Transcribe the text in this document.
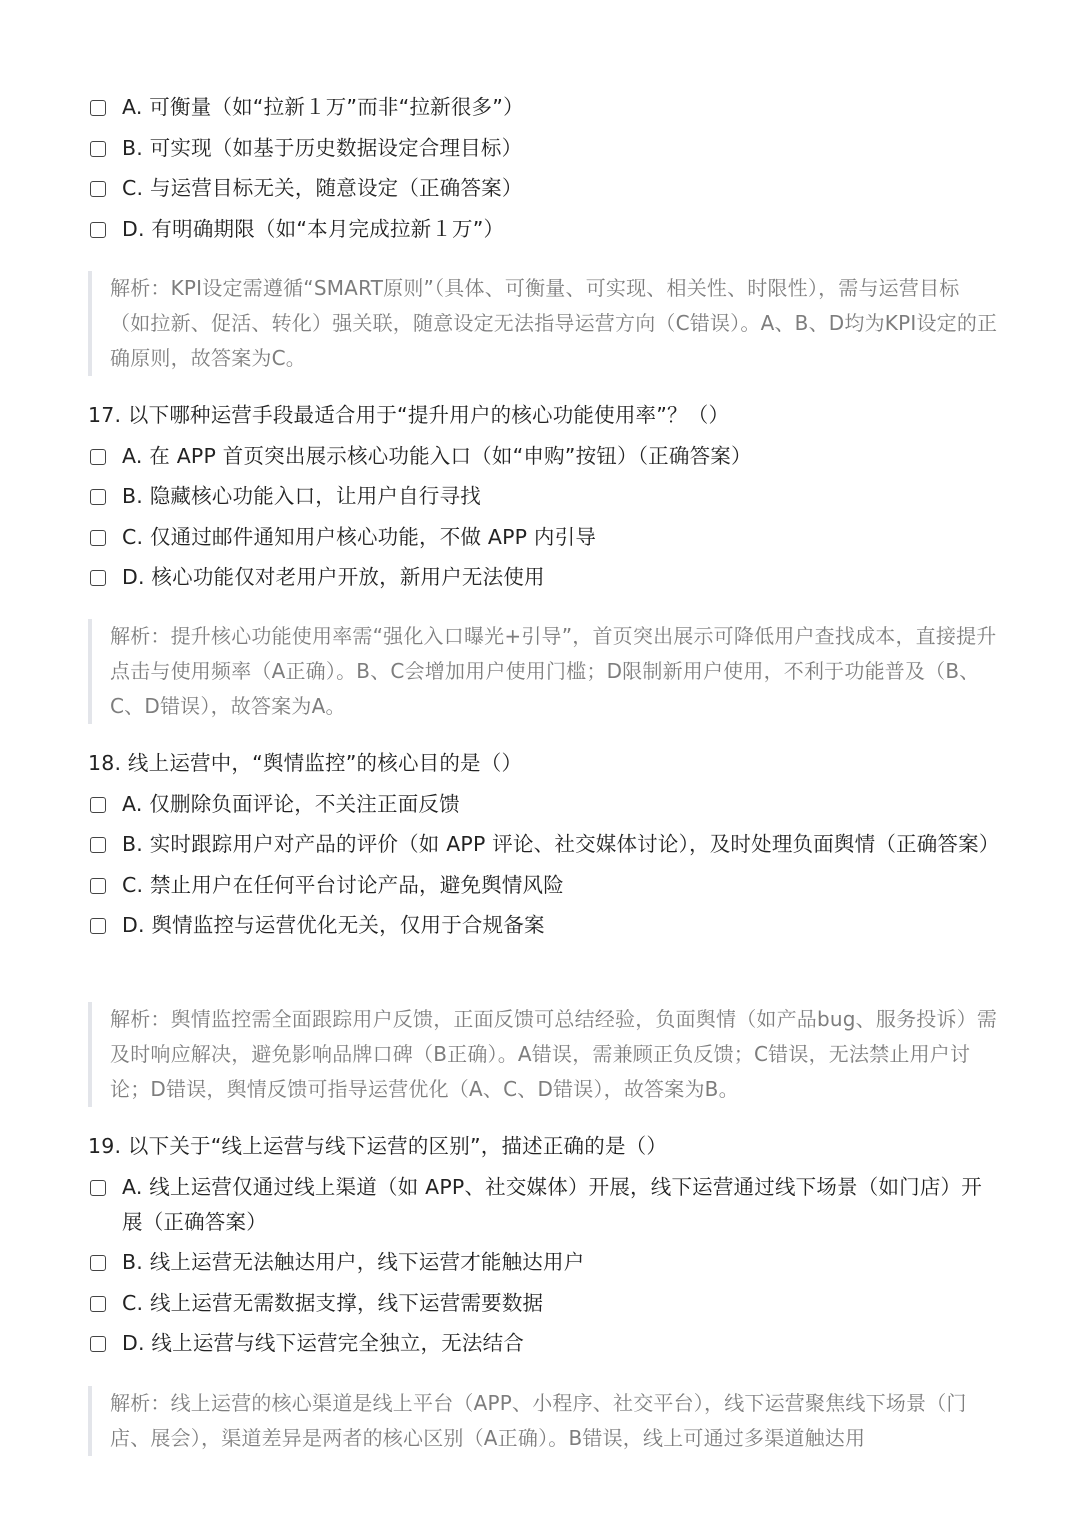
A. 可衡量（如“拉新１万”而非“拉新很多”）
B. 可实现（如基于历史数据设定合理目标）
C. 与运营目标无关，随意设定（正确答案）
D. 有明确期限（如“本月完成拉新１万”）
解析：KPI设定需遵循“SMART原则”（具体、可衡量、可实现、相关性、时限性），需与运营目标（如拉新、促活、转化）强关联，随意设定无法指导运营方向（C错误）。A、B、D均为KPI设定的正确原则，故答案为C。
17. 以下哪种运营手段最适合用于“提升用户的核心功能使用率”？（）
A. 在 APP 首页突出展示核心功能入口（如“申购”按钮）（正确答案）
B. 隐藏核心功能入口，让用户自行寻找
C. 仅通过邮件通知用户核心功能，不做 APP 内引导
D. 核心功能仅对老用户开放，新用户无法使用
解析：提升核心功能使用率需“强化入口曝光+引导”，首页突出展示可降低用户查找成本，直接提升点击与使用频率（A正确）。B、C会增加用户使用门槛；D限制新用户使用，不利于功能普及（B、C、D错误），故答案为A。
18. 线上运营中，“舆情监控”的核心目的是（）
A. 仅删除负面评论，不关注正面反馈
B. 实时跟踪用户对产品的评价（如 APP 评论、社交媒体讨论），及时处理负面舆情（正确答案）
C. 禁止用户在任何平台讨论产品，避免舆情风险
D. 舆情监控与运营优化无关，仅用于合规备案
解析：舆情监控需全面跟踪用户反馈，正面反馈可总结经验，负面舆情（如产品bug、服务投诉）需及时响应解决，避免影响品牌口碑（B正确）。A错误，需兼顾正负反馈；C错误，无法禁止用户讨论；D错误，舆情反馈可指导运营优化（A、C、D错误），故答案为B。
19. 以下关于“线上运营与线下运营的区别”，描述正确的是（）
A. 线上运营仅通过线上渠道（如 APP、社交媒体）开展，线下运营通过线下场景（如门店）开展（正确答案）
B. 线上运营无法触达用户，线下运营才能触达用户
C. 线上运营无需数据支撑，线下运营需要数据
D. 线上运营与线下运营完全独立，无法结合
解析：线上运营的核心渠道是线上平台（APP、小程序、社交平台），线下运营聚焦线下场景（门店、展会），渠道差异是两者的核心区别（A正确）。B错误，线上可通过多渠道触达用
